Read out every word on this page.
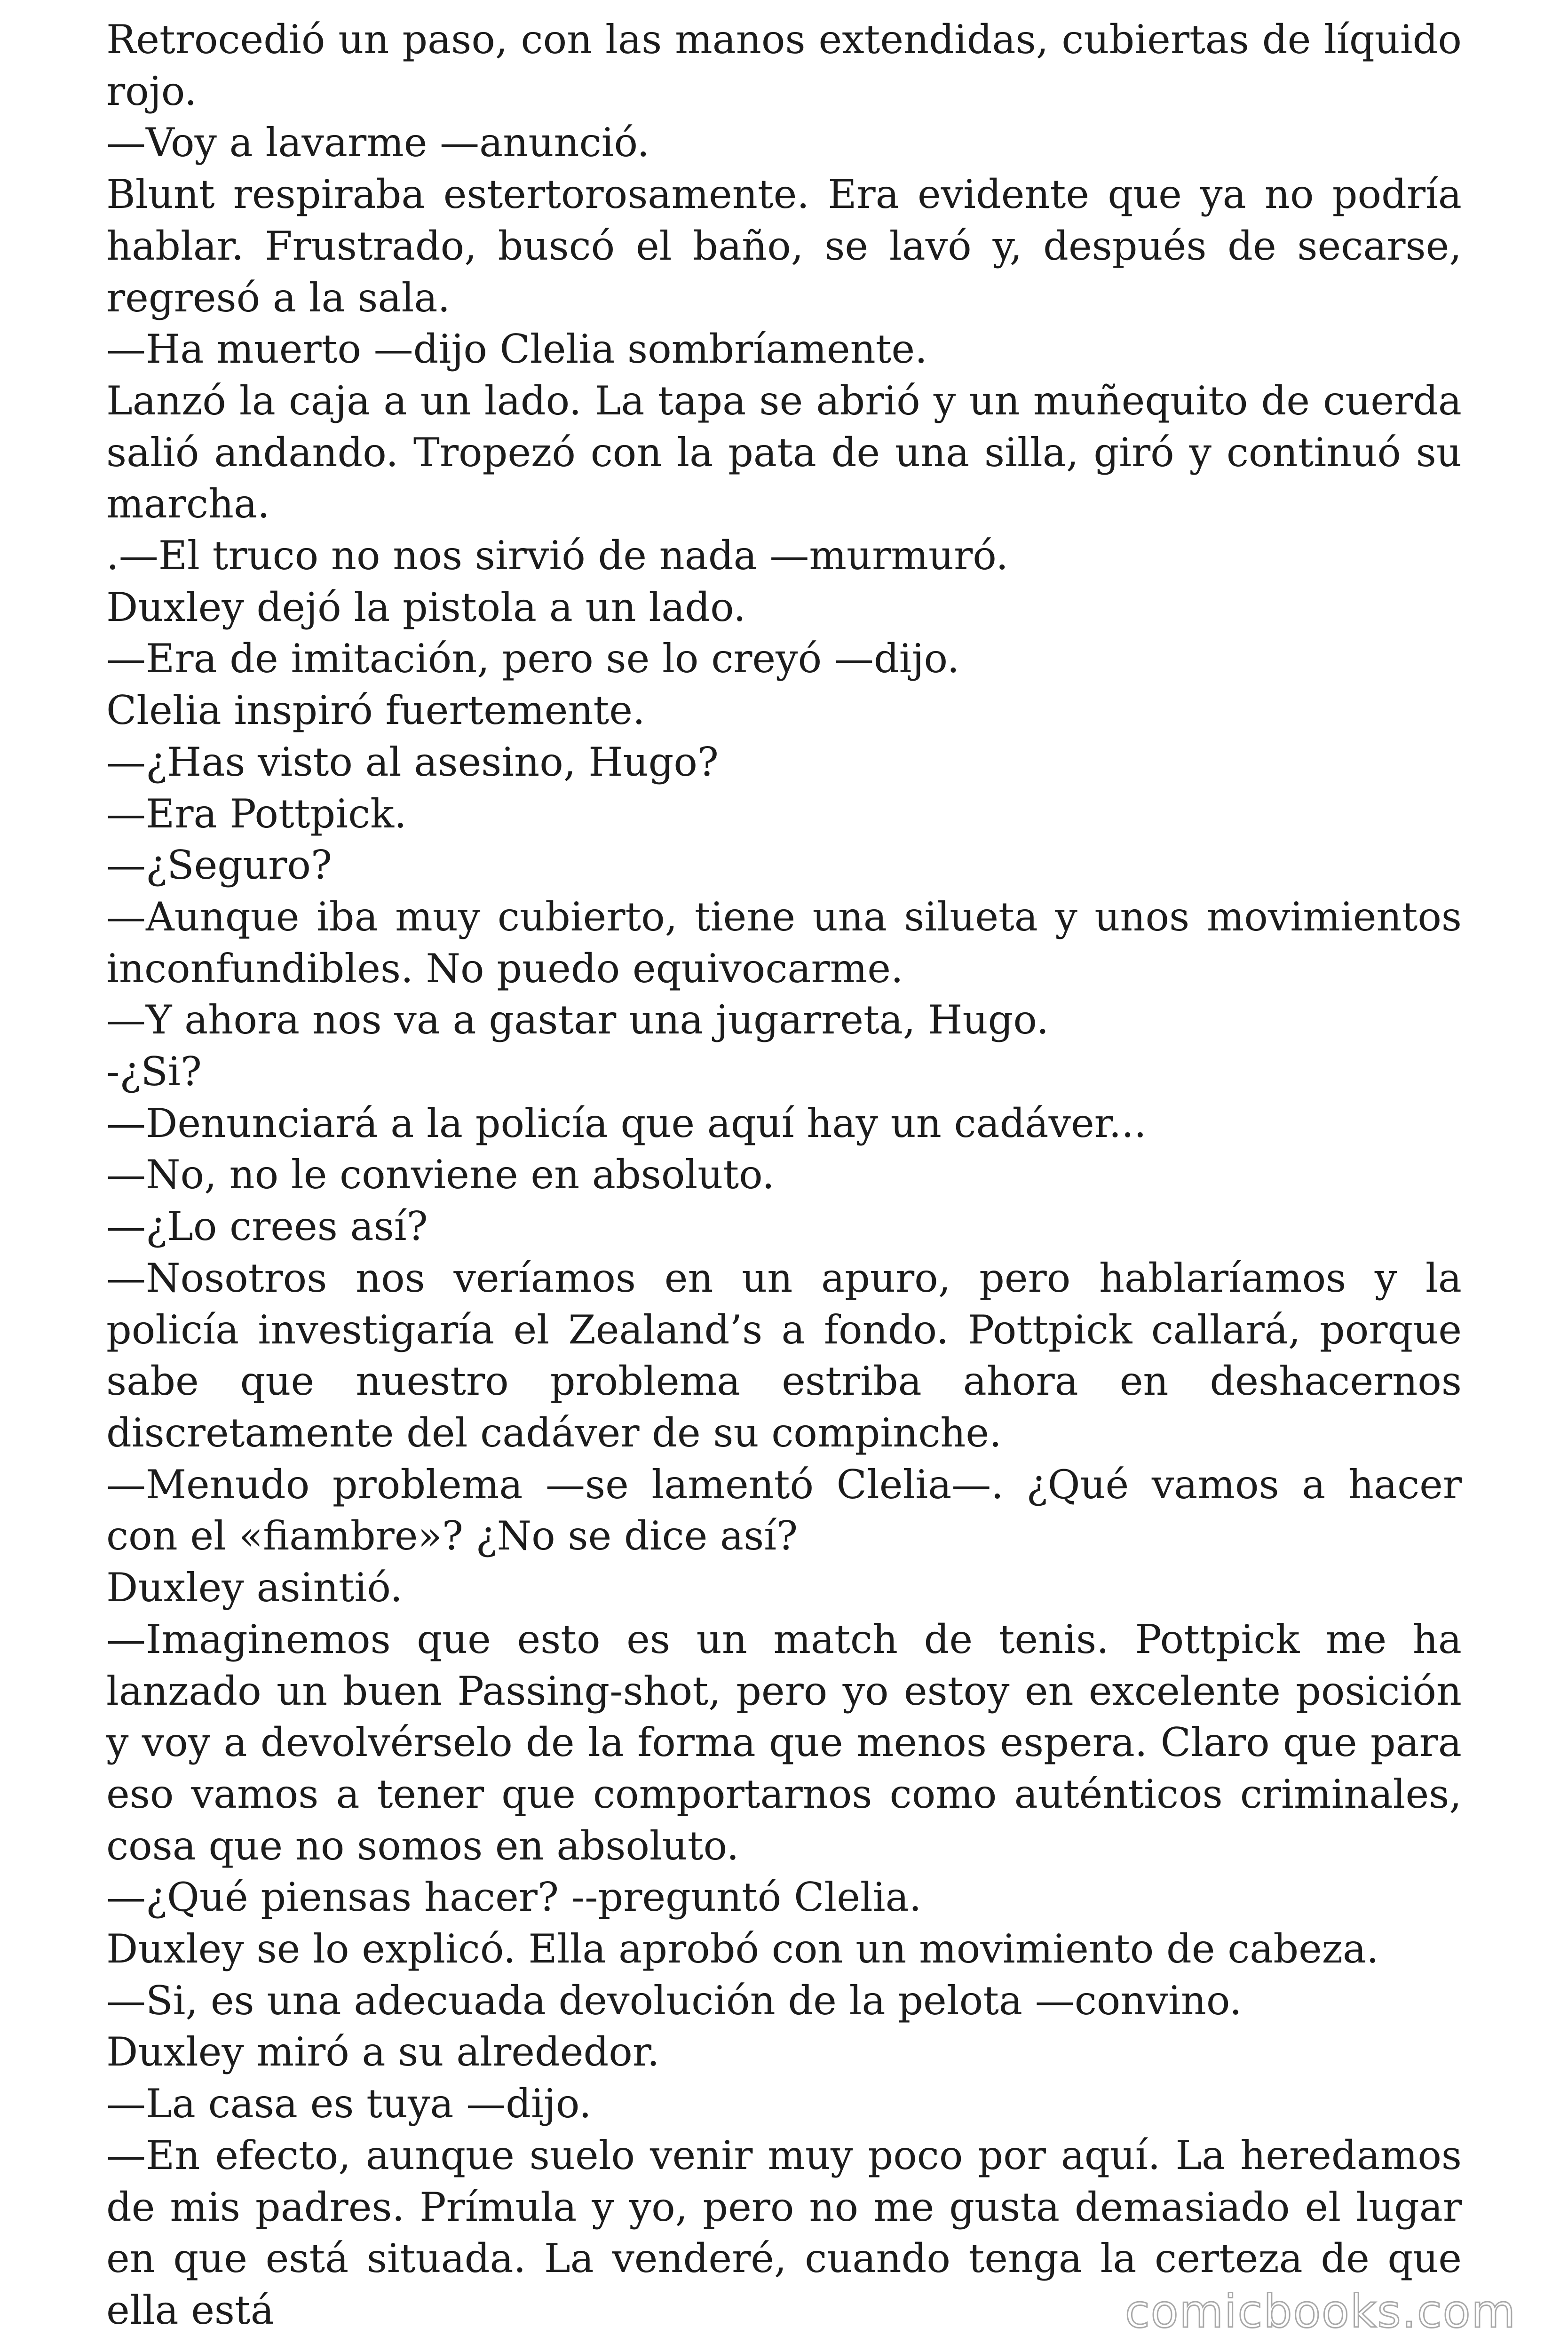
Retrocedió un paso, con las manos extendidas, cubiertas de líquido rojo.

—Voy a lavarme —anunció.

Blunt respiraba estertorosamente. Era evidente que ya no podría hablar. Frustrado, buscó el baño, se lavó y, después de secarse, regresó a la sala.

—Ha muerto —dijo Clelia sombríamente.

Lanzó la caja a un lado. La tapa se abrió y un muñequito de cuerda salió andando. Tropezó con la pata de una silla, giró y continuó su marcha.

.—El truco no nos sirvió de nada —murmuró.

Duxley dejó la pistola a un lado.

—Era de imitación, pero se lo creyó —dijo.

Clelia inspiró fuertemente.

—¿Has visto al asesino, Hugo?

—Era Pottpick.

—¿Seguro?

—Aunque iba muy cubierto, tiene una silueta y unos movimientos inconfundibles. No puedo equivocarme.

—Y ahora nos va a gastar una jugarreta, Hugo.

-¿Si?

—Denunciará a la policía que aquí hay un cadáver...

—No, no le conviene en absoluto.

—¿Lo crees así?

—Nosotros nos veríamos en un apuro, pero hablaríamos y la policía investigaría el Zealand’s a fondo. Pottpick callará, porque sabe que nuestro problema estriba ahora en deshacernos discretamente del cadáver de su compinche.

—Menudo problema —se lamentó Clelia—. ¿Qué vamos a hacer con el «fiambre»? ¿No se dice así?

Duxley asintió.

—Imaginemos que esto es un match de tenis. Pottpick me ha lanzado un buen Passing-shot, pero yo estoy en excelente posición y voy a devolvérselo de la forma que menos espera. Claro que para eso vamos a tener que comportarnos como auténticos criminales, cosa que no somos en absoluto.

—¿Qué piensas hacer? --preguntó Clelia.

Duxley se lo explicó. Ella aprobó con un movimiento de cabeza.

—Si, es una adecuada devolución de la pelota —convino.

Duxley miró a su alrededor.

—La casa es tuya —dijo.

—En efecto, aunque suelo venir muy poco por aquí. La heredamos de mis padres. Prímula y yo, pero no me gusta demasiado el lugar en que está situada. La venderé, cuando tenga la certeza de que ella está	comicbooks.com
